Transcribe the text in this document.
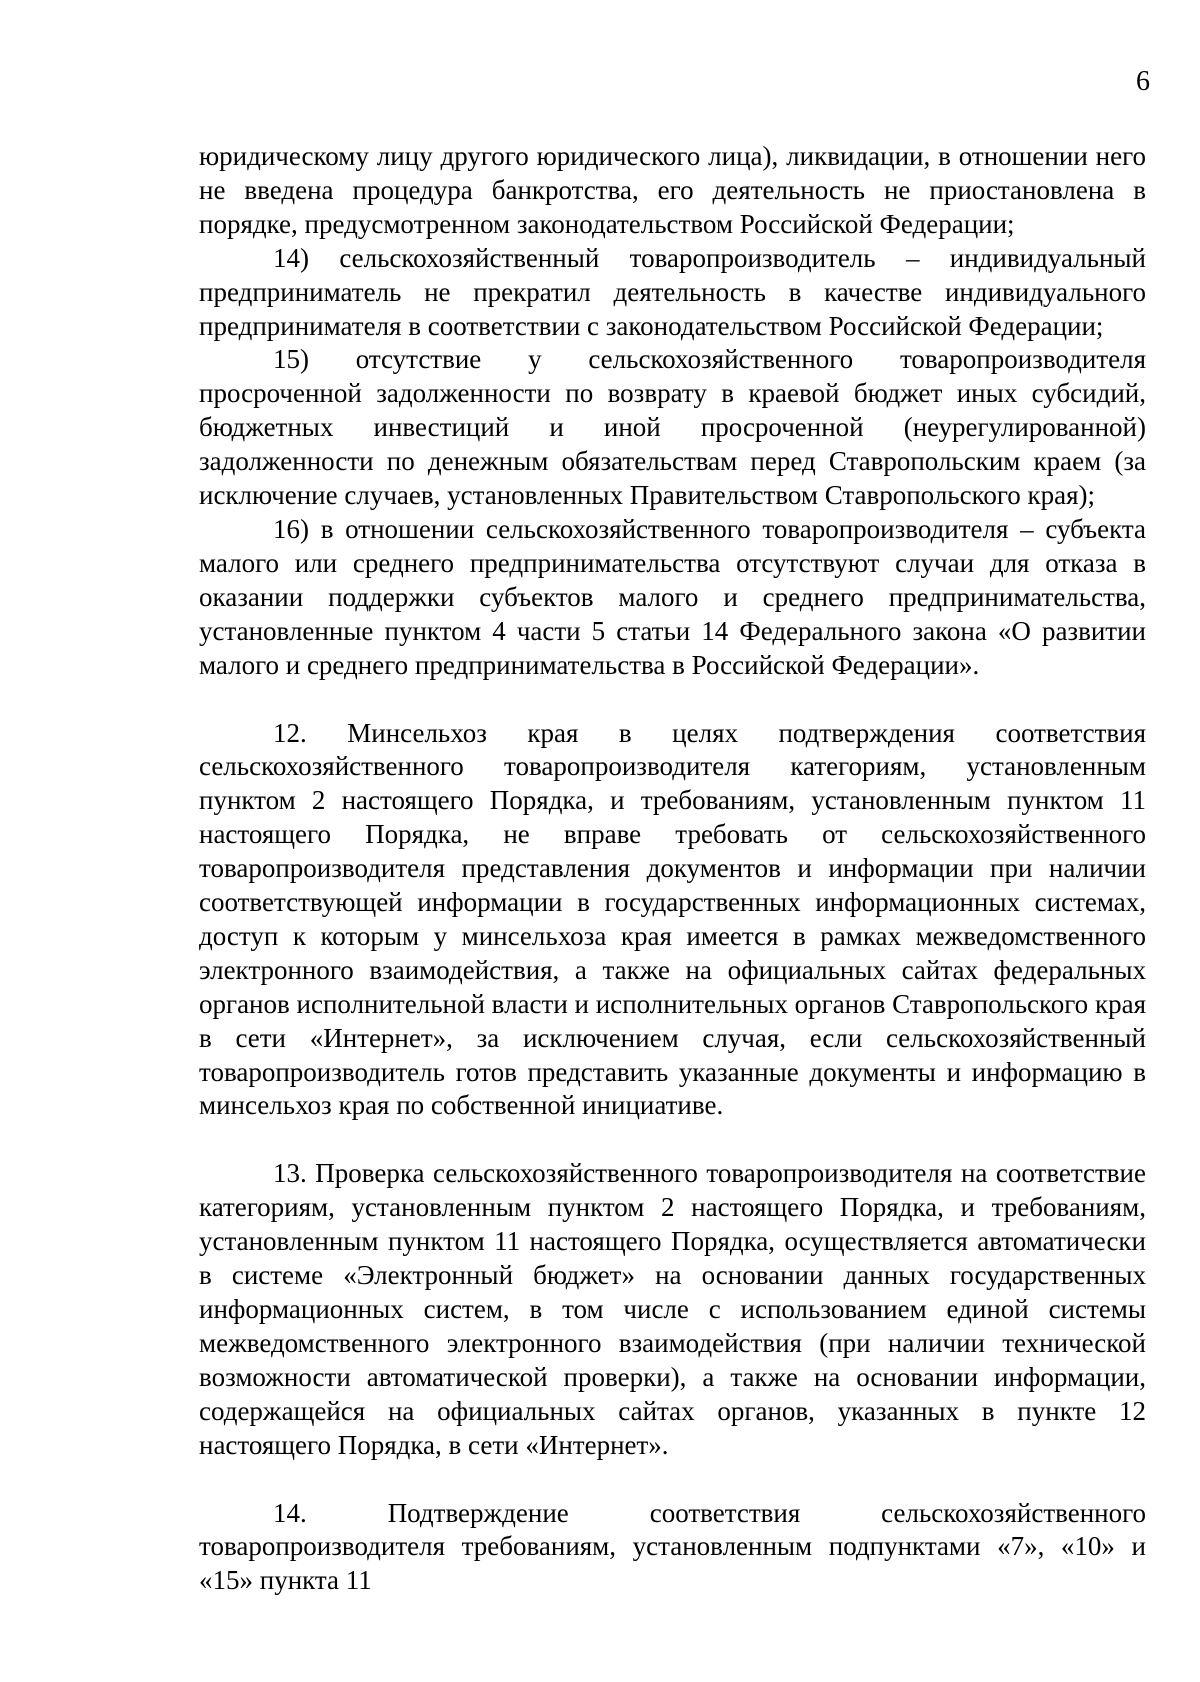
6

юридическому лицу другого юридического лица), ликвидации, в отношении него не введена процедура банкротства, его деятельность не приостановлена в порядке, предусмотренном законодательством Российской Федерации;

14) сельскохозяйственный товаропроизводитель – индивидуальный предприниматель не прекратил деятельность в качестве индивидуального предпринимателя в соответствии с законодательством Российской Федерации;

15) отсутствие у сельскохозяйственного товаропроизводителя просроченной задолженности по возврату в краевой бюджет иных субсидий, бюджетных инвестиций и иной просроченной (неурегулированной) задолженности по денежным обязательствам перед Ставропольским краем (за исключение случаев, установленных Правительством Ставропольского края);

16) в отношении сельскохозяйственного товаропроизводителя – субъекта малого или среднего предпринимательства отсутствуют случаи для отказа в оказании поддержки субъектов малого и среднего предпринимательства, установленные пунктом 4 части 5 статьи 14 Федерального закона «О развитии малого и среднего предпринимательства в Российской Федерации».

12. Минсельхоз края в целях подтверждения соответствия сельскохозяйственного товаропроизводителя категориям, установленным пунктом 2 настоящего Порядка, и требованиям, установленным пунктом 11 настоящего Порядка, не вправе требовать от сельскохозяйственного товаропроизводителя представления документов и информации при наличии соответствующей информации в государственных информационных системах, доступ к которым у минсельхоза края имеется в рамках межведомственного электронного взаимодействия, а также на официальных сайтах федеральных органов исполнительной власти и исполнительных органов Ставропольского края в сети «Интернет», за исключением случая, если сельскохозяйственный товаропроизводитель готов представить указанные документы и информацию в минсельхоз края по собственной инициативе.

13. Проверка сельскохозяйственного товаропроизводителя на соответствие категориям, установленным пунктом 2 настоящего Порядка, и требованиям, установленным пунктом 11 настоящего Порядка, осуществляется автоматически в системе «Электронный бюджет» на основании данных государственных информационных систем, в том числе с использованием единой системы межведомственного электронного взаимодействия (при наличии технической возможности автоматической проверки), а также на основании информации, содержащейся на официальных сайтах органов, указанных в пункте 12 настоящего Порядка, в сети «Интернет».

14. Подтверждение соответствия сельскохозяйственного товаропроизводителя требованиям, установленным подпунктами «7», «10» и «15» пункта 11
